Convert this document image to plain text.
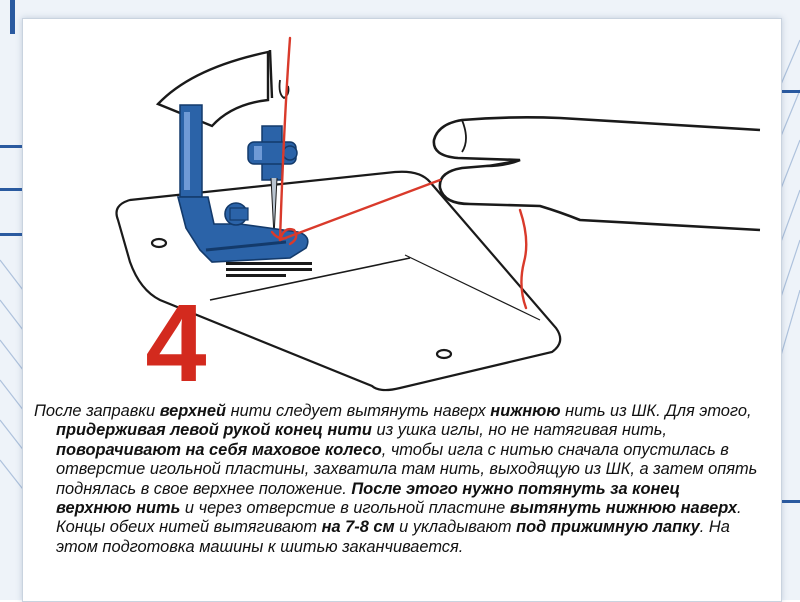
4

После заправки верхней нити следует вытянуть наверх нижнюю нить из ШК. Для этого, придерживая левой рукой конец нити из ушка иглы, но не натягивая нить, поворачивают на себя маховое колесо, чтобы игла с нитью сначала опустилась в отверстие игольной пластины, захватила там нить, выходящую из ШК, а затем опять поднялась в свое верхнее положение. После этого нужно потянуть за конец верхнюю нить и через отверстие в игольной пластине вытянуть нижнюю наверх. Концы обеих нитей вытягивают на 7-8 см и укладывают под прижимную лапку. На этом подготовка машины к шитью заканчивается.
